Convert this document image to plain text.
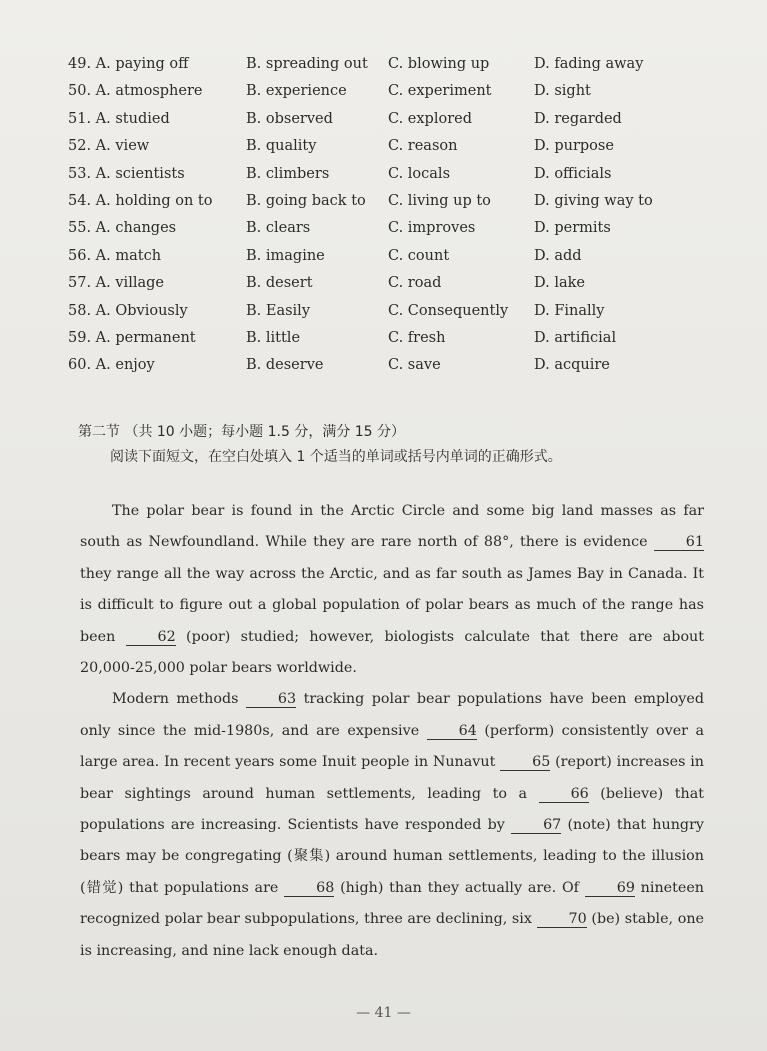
49. A. paying off	B. spreading out C. blowing up	D. fading away
50. A. atmosphere	B. experience	C. experiment	D. sight
51. A. studied	B. observed	C. explored	D. regarded
52. A. view	B. quality	C. reason	D. purpose
53. A. scientists	B. climbers	C. locals	D. officials
54. A. holding on to B. going back to C. living up to	D. giving way to
55. A. changes	B. clears	C. improves	D. permits
56. A. match	B. imagine	C. count	D. add
57. A. village	B. desert	C. road	D. lake
58. A. Obviously	B. Easily	C. Consequently D. Finally
59. A. permanent	B. little	C. fresh	D. artificial
60. A. enjoy	B. deserve	C. save	D. acquire
第二节 （共 10 小题；每小题 1.5 分，满分 15 分）
阅读下面短文，在空白处填入 1 个适当的单词或括号内单词的正确形式。

The polar bear is found in the Arctic Circle and some big land masses as far south as Newfoundland. While they are rare north of 88°, there is evidence 61 they range all the way across the Arctic, and as far south as James Bay in Canada. It is difficult to figure out a global population of polar bears as much of the range has been 62 (poor) studied; however, biologists calculate that there are about 20,000-25,000 polar bears worldwide.

Modern methods 63 tracking polar bear populations have been employed only since the mid-1980s, and are expensive 64 (perform) consistently over a large area. In recent years some Inuit people in Nunavut 65 (report) increases in bear sightings around human settlements, leading to a 66 (believe) that populations are increasing. Scientists have responded by 67 (note) that hungry bears may be congregating (聚集) around human settlements, leading to the illusion (错觉) that populations are 68 (high) than they actually are. Of 69 nineteen recognized polar bear subpopulations, three are declining, six 70 (be) stable, one is increasing, and nine lack enough data.

— 41 —
